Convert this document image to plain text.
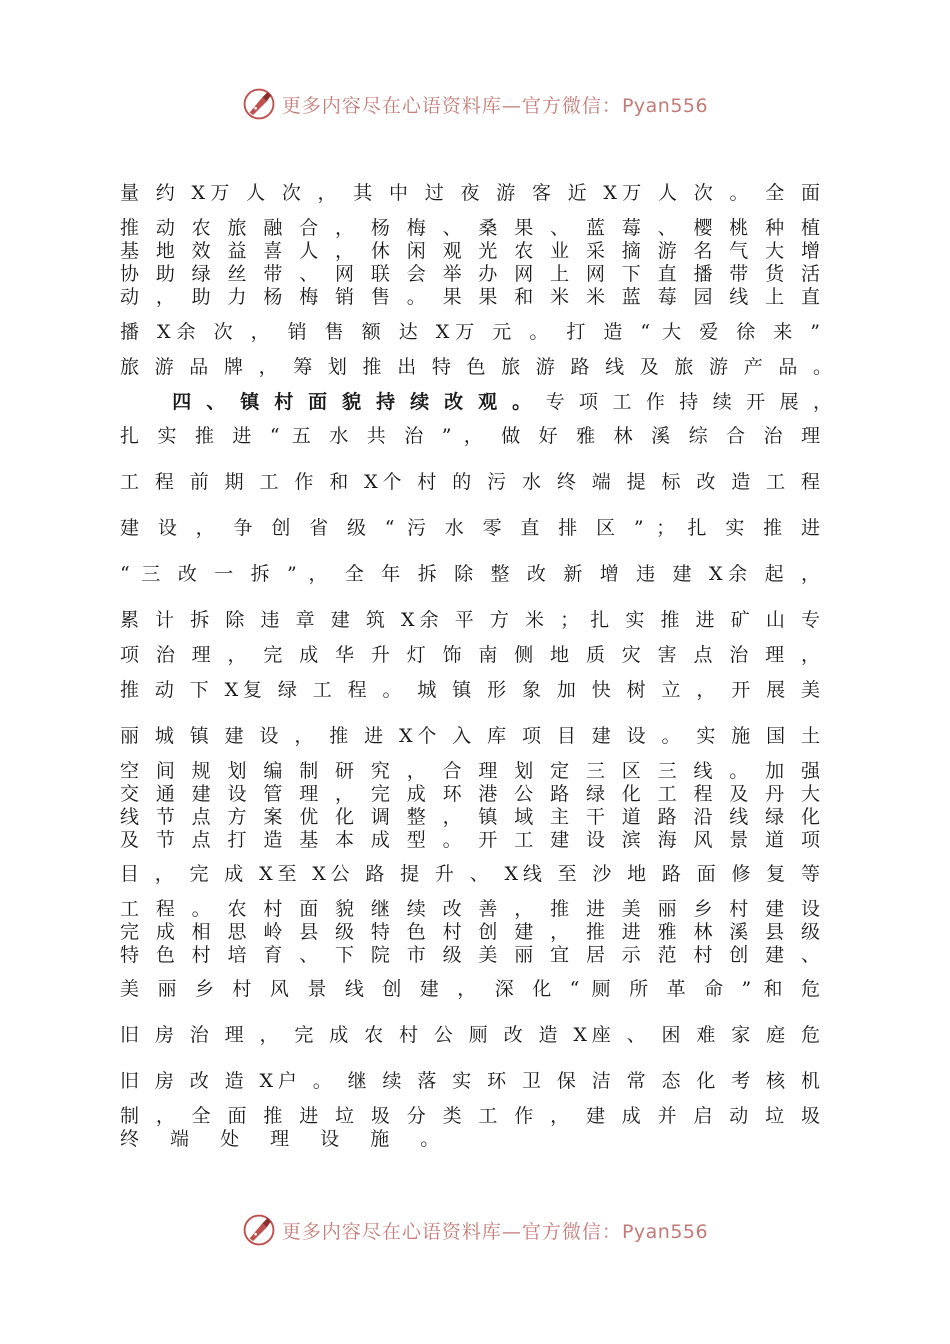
更多内容尽在心语资料库—官方微信：Pyan556
量 约 X万 人 次 ， 其 中 过 夜 游 客 近 X万 人 次 。 全 面
推 动 农 旅 融 合 ， 杨 梅 、 桑 果 、 蓝 莓 、 樱 桃 种 植
基 地 效 益 喜 人 ， 休 闲 观 光 农 业 采 摘 游 名 气 大 增
协 助 绿 丝 带 、 网 联 会 举 办 网 上 网 下 直 播 带 货 活
动 ， 助 力 杨 梅 销 售 。 果 果 和 米 米 蓝 莓 园 线 上 直
播 X余 次 ， 销 售 额 达 X万 元 。 打 造 “ 大 爱 徐 来 ”
旅 游 品 牌 ， 筹 划 推 出 特 色 旅 游 路 线 及 旅 游 产 品 。
四 、 镇 村 面 貌 持 续 改 观 。 专 项 工 作 持 续 开 展 ，
扎 实 推 进 “ 五 水 共 治 ” ， 做 好 雅 林 溪 综 合 治 理
工 程 前 期 工 作 和 X个 村 的 污 水 终 端 提 标 改 造 工 程
建 设 ， 争 创 省 级 “ 污 水 零 直 排 区 ” ； 扎 实 推 进
“ 三 改 一 拆 ” ， 全 年 拆 除 整 改 新 增 违 建 X余 起 ，
累 计 拆 除 违 章 建 筑 X余 平 方 米 ； 扎 实 推 进 矿 山 专
项 治 理 ， 完 成 华 升 灯 饰 南 侧 地 质 灾 害 点 治 理 ，
推 动 下 X复 绿 工 程 。 城 镇 形 象 加 快 树 立 ， 开 展 美
丽 城 镇 建 设 ， 推 进 X个 入 库 项 目 建 设 。 实 施 国 土
空 间 规 划 编 制 研 究 ， 合 理 划 定 三 区 三 线 。 加 强
交 通 建 设 管 理 ， 完 成 环 港 公 路 绿 化 工 程 及 丹 大
线 节 点 方 案 优 化 调 整 ， 镇 域 主 干 道 路 沿 线 绿 化
及 节 点 打 造 基 本 成 型 。 开 工 建 设 滨 海 风 景 道 项
目 ， 完 成 X至 X公 路 提 升 、 X线 至 沙 地 路 面 修 复 等
工 程 。 农 村 面 貌 继 续 改 善 ， 推 进 美 丽 乡 村 建 设
完 成 相 思 岭 县 级 特 色 村 创 建 ， 推 进 雅 林 溪 县 级
特 色 村 培 育 、 下 院 市 级 美 丽 宜 居 示 范 村 创 建 、
美 丽 乡 村 风 景 线 创 建 ， 深 化 “ 厕 所 革 命 ” 和 危
旧 房 治 理 ， 完 成 农 村 公 厕 改 造 X座 、 困 难 家 庭 危
旧 房 改 造 X户 。 继 续 落 实 环 卫 保 洁 常 态 化 考 核 机
制 ， 全 面 推 进 垃 圾 分 类 工 作 ， 建 成 并 启 动 垃 圾
终 端 处 理 设 施 。
更多内容尽在心语资料库—官方微信：Pyan556
